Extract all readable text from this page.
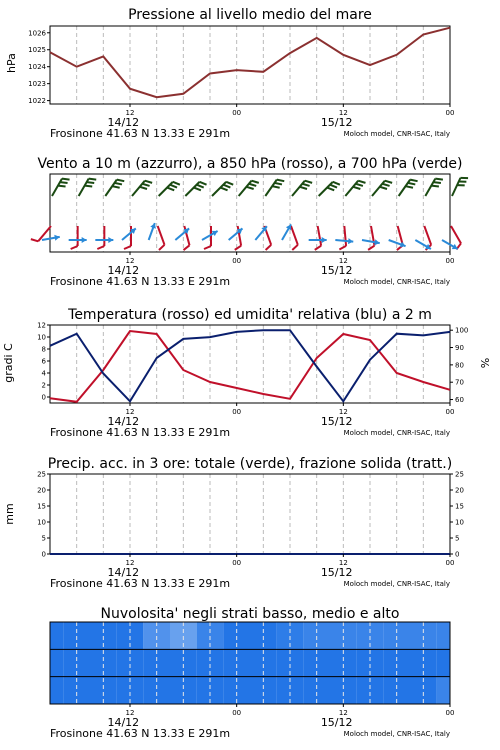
Pressione al livello medio del mare
hPa
1022
1023
1024
1025
1026
12	00	12	00
14/12	15/12
Frosinone 41.63 N 13.33 E 291m	Moloch model, CNR-ISAC, Italy
Vento a 10 m (azzurro), a 850 hPa (rosso), a 700 hPa (verde)
12	00	12	00
14/12	15/12
Frosinone 41.63 N 13.33 E 291m	Moloch model, CNR-ISAC, Italy
Temperatura (rosso) ed umidita' relativa (blu) a 2 m
gradi C	%
0
2
4
6
8
10
12
60
70
80
90
100
12	00	12	00
14/12	15/12
Frosinone 41.63 N 13.33 E 291m	Moloch model, CNR-ISAC, Italy
Precip. acc. in 3 ore: totale (verde), frazione solida (tratt.)
mm
0
5
10
15
20
25
0
5
10
15
20
25
12	00	12	00
14/12	15/12
Frosinone 41.63 N 13.33 E 291m	Moloch model, CNR-ISAC, Italy
Nuvolosita' negli strati basso, medio e alto
12	00	12	00
14/12	15/12
Frosinone 41.63 N 13.33 E 291m	Moloch model, CNR-ISAC, Italy
